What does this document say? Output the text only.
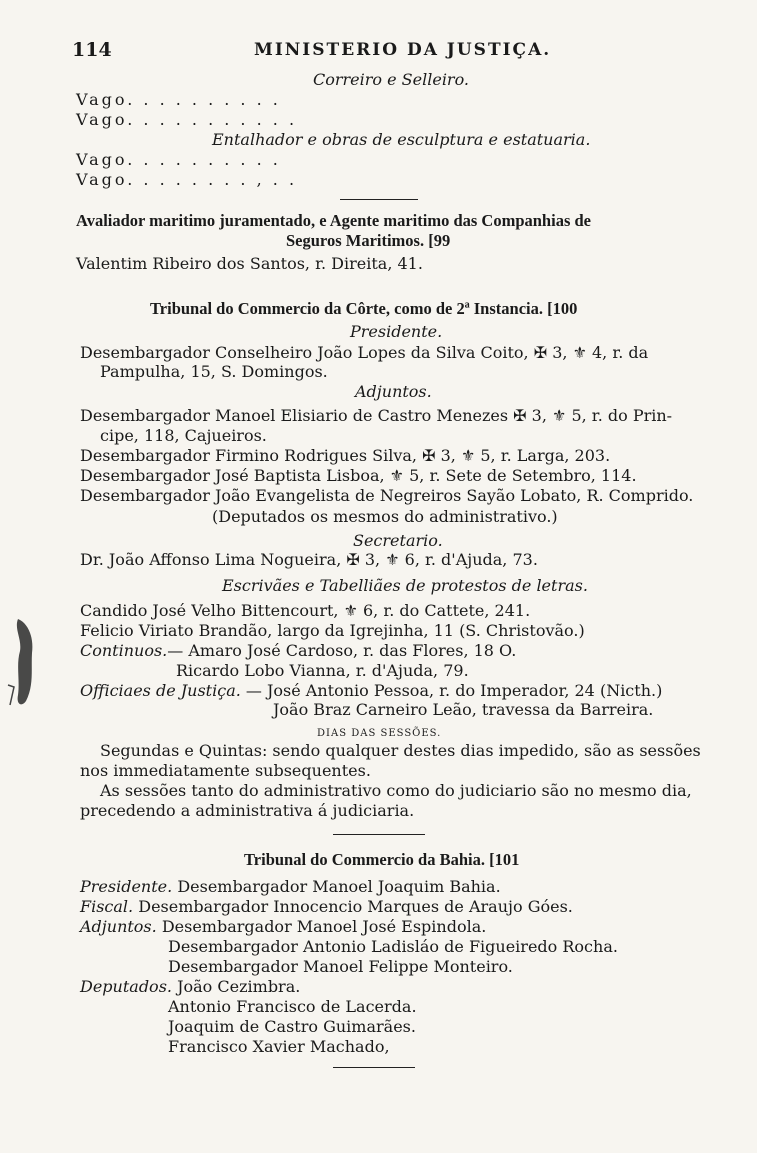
114	MINISTERIO DA JUSTIÇA.
Correiro e Selleiro.
Vago. . . . . . . . . .
Vago. . . . . . . . . . .
Entalhador e obras de esculptura e estatuaria.
Vago. . . . . . . . . .
Vago. . . . . . . . , . .
Avaliador maritimo juramentado, e Agente maritimo das Companhias de
Seguros Maritimos. [99
Valentim Ribeiro dos Santos, r. Direita, 41.
Tribunal do Commercio da Côrte, como de 2ª Instancia. [100
Presidente.
Desembargador Conselheiro João Lopes da Silva Coito, ✠ 3, ⚜ 4, r. da
Pampulha, 15, S. Domingos.
Adjuntos.
Desembargador Manoel Elisiario de Castro Menezes ✠ 3, ⚜ 5, r. do Prin-
cipe, 118, Cajueiros.
Desembargador Firmino Rodrigues Silva, ✠ 3, ⚜ 5, r. Larga, 203.
Desembargador José Baptista Lisboa, ⚜ 5, r. Sete de Setembro, 114.
Desembargador João Evangelista de Negreiros Sayão Lobato, R. Comprido.
(Deputados os mesmos do administrativo.)
Secretario.
Dr. João Affonso Lima Nogueira, ✠ 3, ⚜ 6, r. d'Ajuda, 73.
Escrivães e Tabelliães de protestos de letras.
Candido José Velho Bittencourt, ⚜ 6, r. do Cattete, 241.
Felicio Viriato Brandão, largo da Igrejinha, 11 (S. Christovão.)
Continuos.— Amaro José Cardoso, r. das Flores, 18 O.
Ricardo Lobo Vianna, r. d'Ajuda, 79.
Officiaes de Justiça. — José Antonio Pessoa, r. do Imperador, 24 (Nicth.)
João Braz Carneiro Leão, travessa da Barreira.
DIAS DAS SESSÕES.
Segundas e Quintas: sendo qualquer destes dias impedido, são as sessões
nos immediatamente subsequentes.
As sessões tanto do administrativo como do judiciario são no mesmo dia,
precedendo a administrativa á judiciaria.
Tribunal do Commercio da Bahia. [101
Presidente. Desembargador Manoel Joaquim Bahia.
Fiscal. Desembargador Innocencio Marques de Araujo Góes.
Adjuntos. Desembargador Manoel José Espindola.
Desembargador Antonio Ladisláo de Figueiredo Rocha.
Desembargador Manoel Felippe Monteiro.
Deputados. João Cezimbra.
Antonio Francisco de Lacerda.
Joaquim de Castro Guimarães.
Francisco Xavier Machado,
